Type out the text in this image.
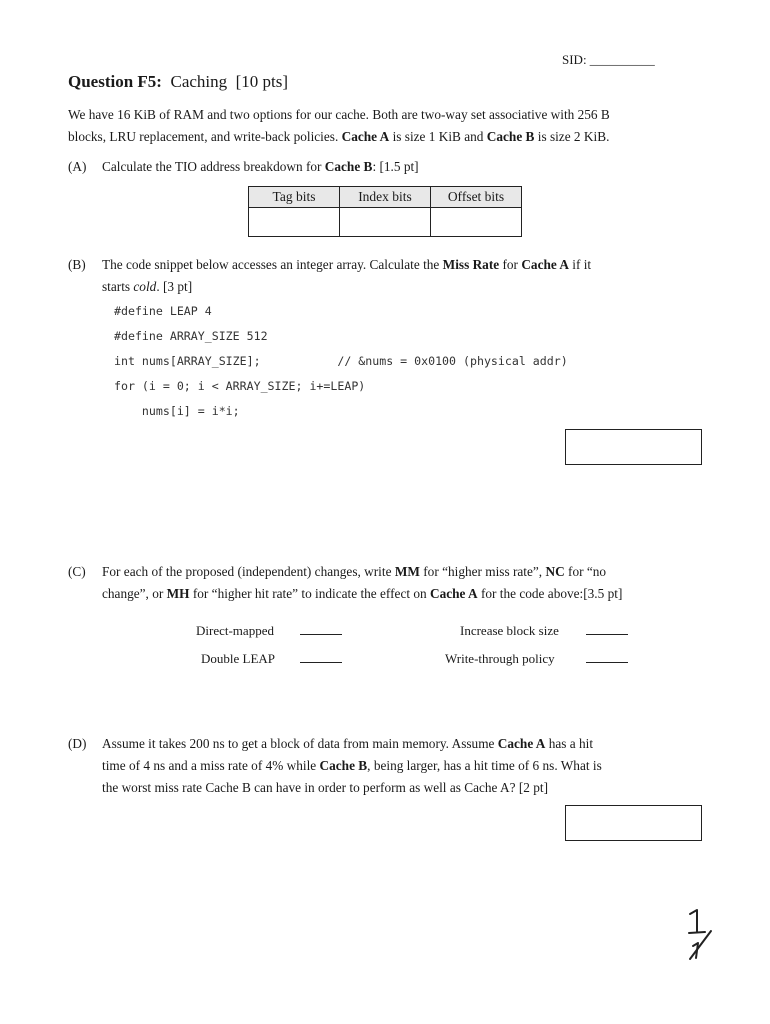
SID: __________
Question F5: Caching [10 pts]
We have 16 KiB of RAM and two options for our cache. Both are two-way set associative with 256 B
blocks, LRU replacement, and write-back policies. Cache A is size 1 KiB and Cache B is size 2 KiB.
(A) Calculate the TIO address breakdown for Cache B: [1.5 pt]
Tag bits	Index bits	Offset bits

(B) The code snippet below accesses an integer array. Calculate the Miss Rate for Cache A if it
starts cold. [3 pt]
#define LEAP 4
#define ARRAY_SIZE 512
int nums[ARRAY_SIZE];           // &nums = 0x0100 (physical addr)
for (i = 0; i < ARRAY_SIZE; i+=LEAP)
nums[i] = i*i;
(C) For each of the proposed (independent) changes, write MM for “higher miss rate”, NC for “no
change”, or MH for “higher hit rate” to indicate the effect on Cache A for the code above:[3.5 pt]
Direct-mapped	Increase block size
Double LEAP	Write-through policy
(D) Assume it takes 200 ns to get a block of data from main memory. Assume Cache A has a hit
time of 4 ns and a miss rate of 4% while Cache B, being larger, has a hit time of 6 ns. What is
the worst miss rate Cache B can have in order to perform as well as Cache A? [2 pt]
